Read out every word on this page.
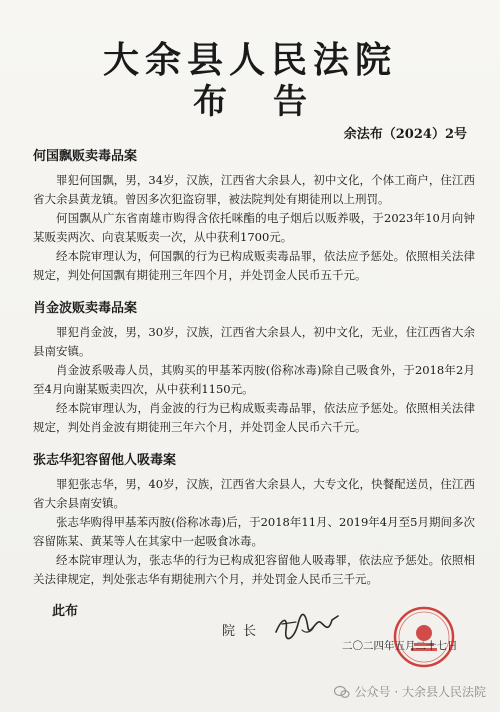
大余县人民法院
布告
余法布（2024）2号
何国飘贩卖毒品案

罪犯何国飘，男，34岁，汉族，江西省大余县人，初中文化，个体工商户，住江西省大余县黄龙镇。曾因多次犯盗窃罪，被法院判处有期徒刑以上刑罚。

何国飘从广东省南雄市购得含依托咪酯的电子烟后以贩养吸，于2023年10月向钟某贩卖两次、向袁某贩卖一次，从中获利1700元。

经本院审理认为，何国飘的行为已构成贩卖毒品罪，依法应予惩处。依照相关法律规定，判处何国飘有期徒刑三年四个月，并处罚金人民币五千元。

肖金波贩卖毒品案

罪犯肖金波，男，30岁，汉族，江西省大余县人，初中文化，无业，住江西省大余县南安镇。

肖金波系吸毒人员，其购买的甲基苯丙胺(俗称冰毒)除自己吸食外，于2018年2月至4月向谢某贩卖四次，从中获利1150元。

经本院审理认为，肖金波的行为已构成贩卖毒品罪，依法应予惩处。依照相关法律规定，判处肖金波有期徒刑三年六个月，并处罚金人民币六千元。

张志华犯容留他人吸毒案

罪犯张志华，男，40岁，汉族，江西省大余县人，大专文化，快餐配送员，住江西省大余县南安镇。

张志华购得甲基苯丙胺(俗称冰毒)后，于2018年11月、2019年4月至5月期间多次容留陈某、黄某等人在其家中一起吸食冰毒。

经本院审理认为，张志华的行为已构成犯容留他人吸毒罪，依法应予惩处。依照相关法律规定，判处张志华有期徒刑六个月，并处罚金人民币三千元。

此布
院长
二〇二四年五月二十七日
公众号 · 大余县人民法院
